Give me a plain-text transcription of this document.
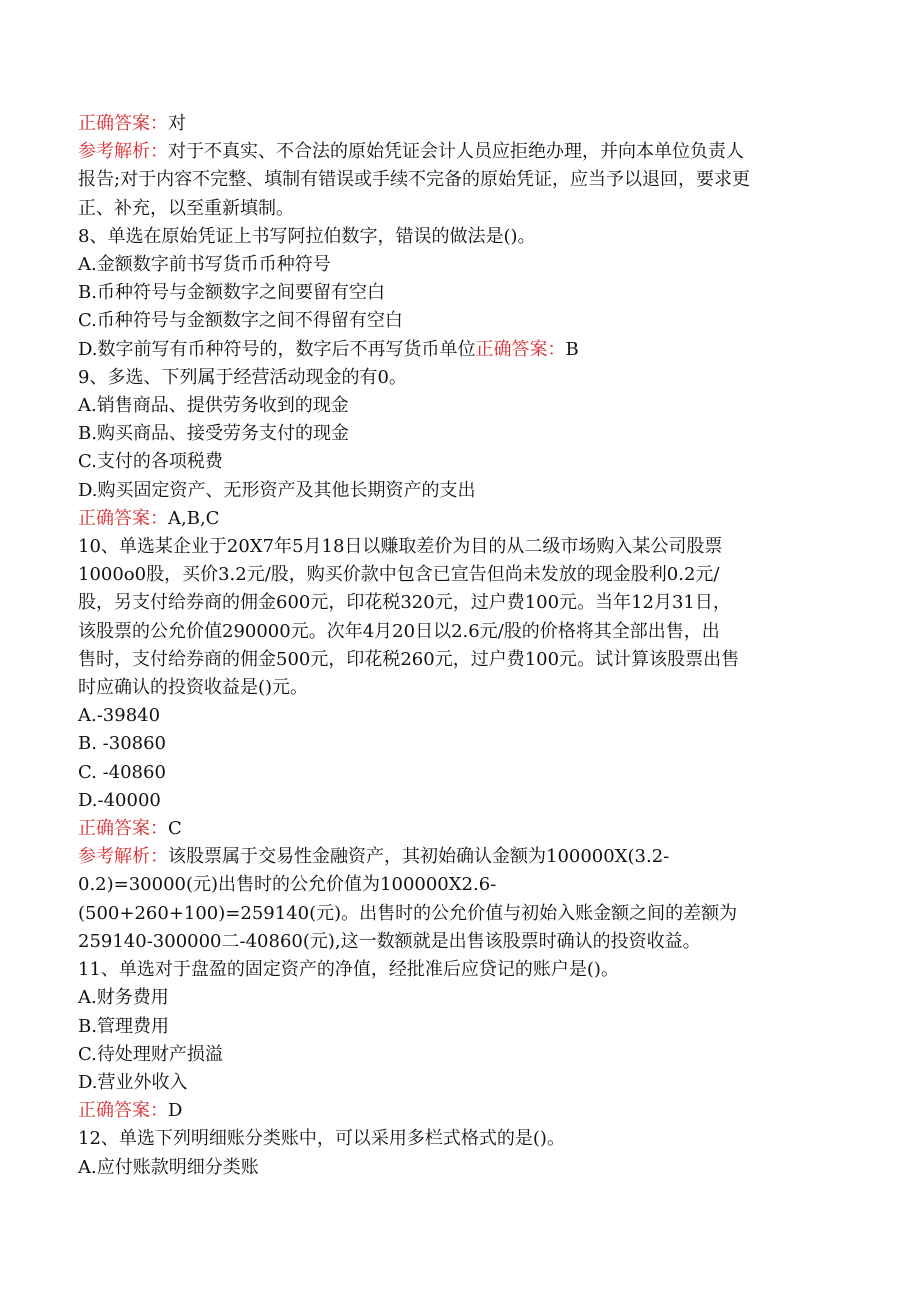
正确答案：对

参考解析：对于不真实、不合法的原始凭证会计人员应拒绝办理，并向本单位负责人

报告;对于内容不完整、填制有错误或手续不完备的原始凭证，应当予以退回，要求更

正、补充，以至重新填制。

8、单选在原始凭证上书写阿拉伯数字，错误的做法是()。

A.金额数字前书写货币币种符号

B.币种符号与金额数字之间要留有空白

C.币种符号与金额数字之间不得留有空白

D.数字前写有币种符号的，数字后不再写货币单位正确答案：B

9、多选、下列属于经营活动现金的有0。

A.销售商品、提供劳务收到的现金

B.购买商品、接受劳务支付的现金

C.支付的各项税费

D.购买固定资产、无形资产及其他长期资产的支出

正确答案：A,B,C

10、单选某企业于20X7年5月18日以赚取差价为目的从二级市场购入某公司股票

1000o0股，买价3.2元/股，购买价款中包含已宣告但尚未发放的现金股利0.2元/

股，另支付给券商的佣金600元，印花税320元，过户费100元。当年12月31日，

该股票的公允价值290000元。次年4月20日以2.6元/股的价格将其全部出售，出

售时，支付给券商的佣金500元，印花税260元，过户费100元。试计算该股票出售

时应确认的投资收益是()元。

A.-39840

B. -30860

C. -40860

D.-40000

正确答案：C

参考解析：该股票属于交易性金融资产，其初始确认金额为100000X(3.2-

0.2)=30000(元)出售时的公允价值为100000X2.6-

(500+260+100)=259140(元)。出售时的公允价值与初始入账金额之间的差额为

259140-300000二-40860(元),这一数额就是出售该股票时确认的投资收益。

11、单选对于盘盈的固定资产的净值，经批准后应贷记的账户是()。

A.财务费用

B.管理费用

C.待处理财产损溢

D.营业外收入

正确答案：D

12、单选下列明细账分类账中，可以采用多栏式格式的是()。

A.应付账款明细分类账
